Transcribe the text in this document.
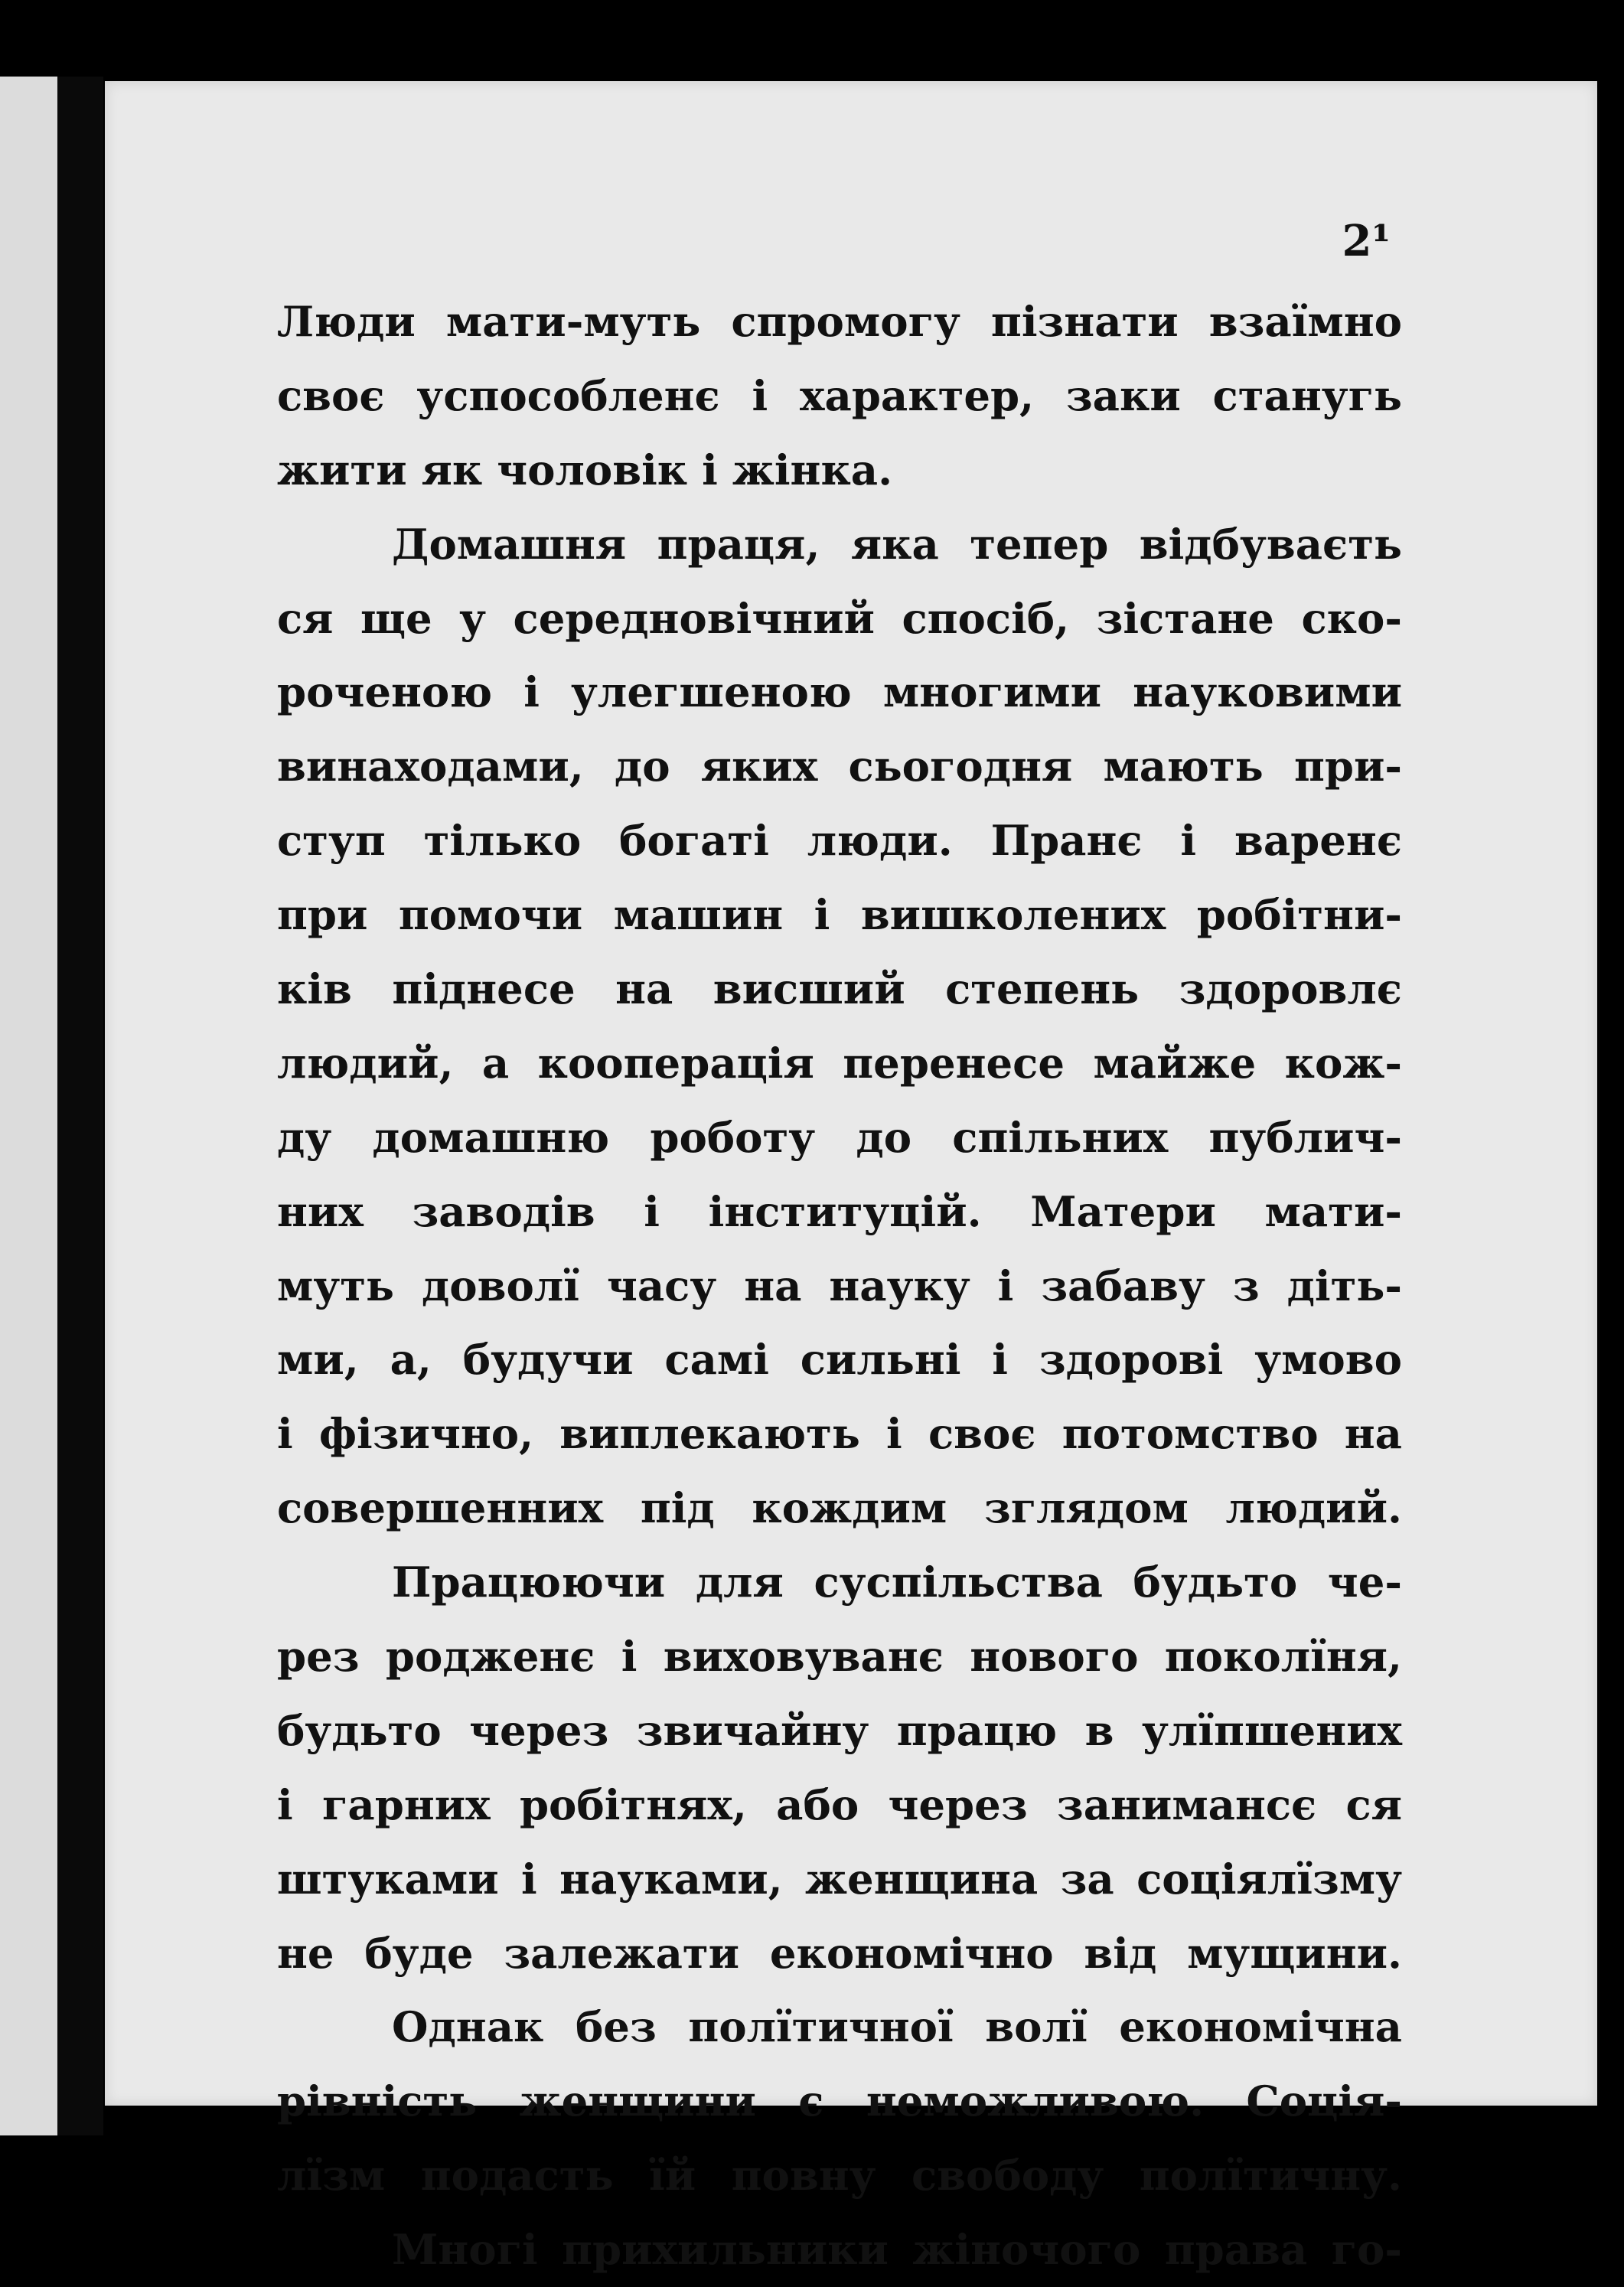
2¹
Люди мати-муть спромогу пізнати взаїмно
своє успособленє і характер, заки станугь
жити як чоловік і жінка.
Домашня праця, яка тепер відбуваєть
ся ще у середновічний спосіб, зістане ско-
роченою і улегшеною многими науковими
винаходами, до яких сьогодня мають при-
ступ тілько богаті люди. Пранє і варенє
при помочи машин і вишколених робітни-
ків піднесе на висший степень здоровлє
людий, а кооперація перенесе майже кож-
ду домашню роботу до спільних публич-
них заводів і інституцій. Матери мати-
муть доволї часу на науку і забаву з діть-
ми, а, будучи самі сильні і здорові умово
і фізично, виплекають і своє потомство на
совершенних під кождим зглядом людий.
Працюючи для суспільства будьто че-
рез родженє і виховуванє нового поколїня,
будьто через звичайну працю в улїпшених
і гарних робітнях, або через занимансє ся
штуками і науками, женщина за соціялїзму
не буде залежати економічно від мущини.
Однак без полїтичної волї економічна
рівність женщини є неможливою. Соція-
лїзм подасть їй повну свободу полїтичну.
Многі прихильники жіночого права го-
